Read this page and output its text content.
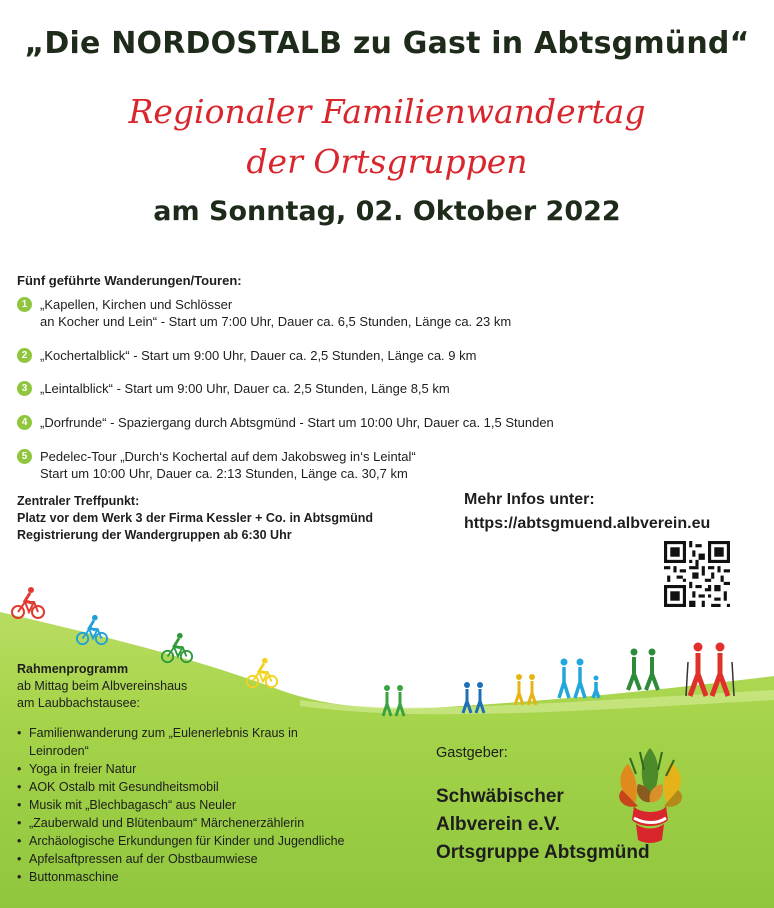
„Die NORDOSTALB zu Gast in Abtsgmünd“
Regionaler Familienwandertag
der Ortsgruppen
am Sonntag, 02. Oktober 2022
Fünf geführte Wanderungen/Touren:
1 „Kapellen, Kirchen und Schlösser
an Kocher und Lein“ - Start um 7:00 Uhr, Dauer ca. 6,5 Stunden, Länge ca. 23 km
2 „Kochertalblick“ - Start um 9:00 Uhr, Dauer ca. 2,5 Stunden, Länge ca. 9 km
3 „Leintalblick“ - Start um 9:00 Uhr, Dauer ca. 2,5 Stunden, Länge 8,5 km
4 „Dorfrunde“ - Spaziergang durch Abtsgmünd - Start um 10:00 Uhr, Dauer ca. 1,5 Stunden
5 Pedelec-Tour „Durch‘s Kochertal auf dem Jakobsweg in‘s Leintal“
Start um 10:00 Uhr, Dauer ca. 2:13 Stunden, Länge ca. 30,7 km
Zentraler Treffpunkt:
Platz vor dem Werk 3 der Firma Kessler + Co. in Abtsgmünd
Registrierung der Wandergruppen ab 6:30 Uhr
Mehr Infos unter:
https://abtsgmuend.albverein.eu
Rahmenprogramm
ab Mittag beim Albvereinshaus
am Laubbachstausee:
• Familienwanderung zum „Eulenerlebnis Kraus in Leinroden“
• Yoga in freier Natur
• AOK Ostalb mit Gesundheitsmobil
• Musik mit „Blechbagasch“ aus Neuler
• „Zauberwald und Blütenbaum“ Märchenerzählerin
• Archäologische Erkundungen für Kinder und Jugendliche
• Apfelsaftpressen auf der Obstbaumwiese
• Buttonmaschine
Gastgeber:
Schwäbischer
Albverein e.V.
Ortsgruppe Abtsgmünd
